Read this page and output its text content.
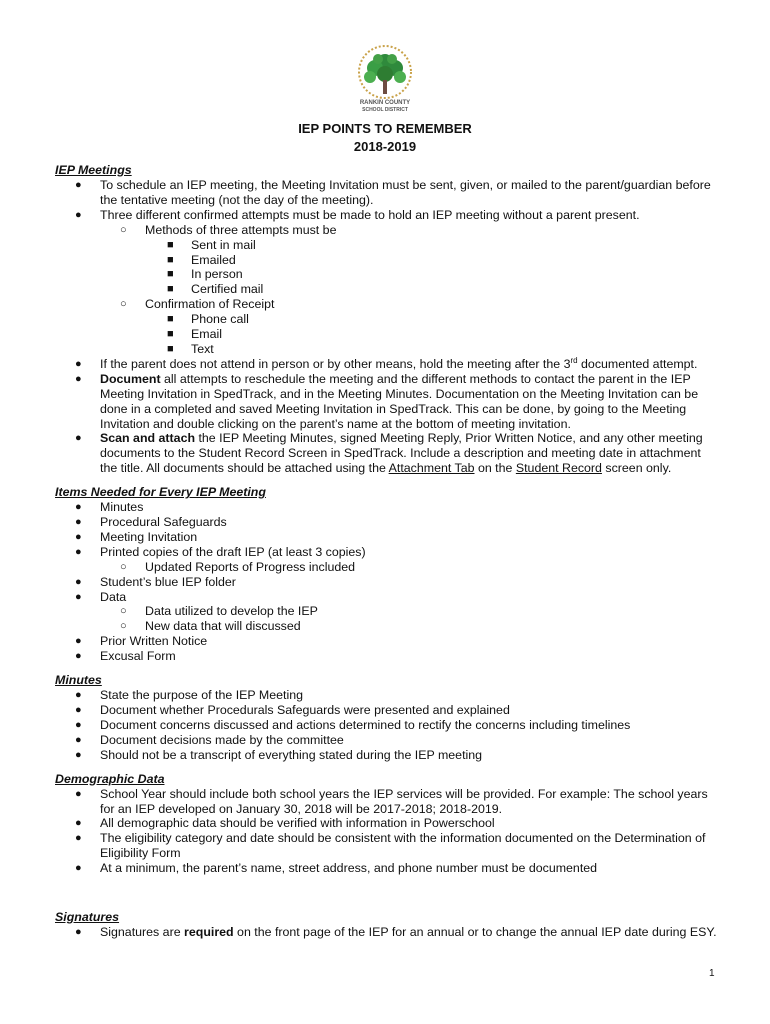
RANKIN COUNTY
SCHOOL DISTRICT
IEP POINTS TO REMEMBER
2018-2019
IEP Meetings
● To schedule an IEP meeting, the Meeting Invitation must be sent, given, or mailed to the parent/guardian before the tentative meeting (not the day of the meeting).
● Three different confirmed attempts must be made to hold an IEP meeting without a parent present.
○ Methods of three attempts must be
■ Sent in mail
■ Emailed
■ In person
■ Certified mail
○ Confirmation of Receipt
■ Phone call
■ Email
■ Text
● If the parent does not attend in person or by other means, hold the meeting after the 3rd documented attempt.
● Document all attempts to reschedule the meeting and the different methods to contact the parent in the IEP Meeting Invitation in SpedTrack, and in the Meeting Minutes. Documentation on the Meeting Invitation can be done in a completed and saved Meeting Invitation in SpedTrack. This can be done, by going to the Meeting Invitation and double clicking on the parent’s name at the bottom of meeting invitation.
● Scan and attach the IEP Meeting Minutes, signed Meeting Reply, Prior Written Notice, and any other meeting documents to the Student Record Screen in SpedTrack. Include a description and meeting date in attachment the title. All documents should be attached using the Attachment Tab on the Student Record screen only.
Items Needed for Every IEP Meeting
● Minutes
● Procedural Safeguards
● Meeting Invitation
● Printed copies of the draft IEP (at least 3 copies)
○ Updated Reports of Progress included
● Student’s blue IEP folder
● Data
○ Data utilized to develop the IEP
○ New data that will discussed
● Prior Written Notice
● Excusal Form
Minutes
● State the purpose of the IEP Meeting
● Document whether Procedurals Safeguards were presented and explained
● Document concerns discussed and actions determined to rectify the concerns including timelines
● Document decisions made by the committee
● Should not be a transcript of everything stated during the IEP meeting
Demographic Data
● School Year should include both school years the IEP services will be provided. For example: The school years for an IEP developed on January 30, 2018 will be 2017-2018; 2018-2019.
● All demographic data should be verified with information in Powerschool
● The eligibility category and date should be consistent with the information documented on the Determination of Eligibility Form
● At a minimum, the parent’s name, street address, and phone number must be documented
Signatures
● Signatures are required on the front page of the IEP for an annual or to change the annual IEP date during ESY.
1
